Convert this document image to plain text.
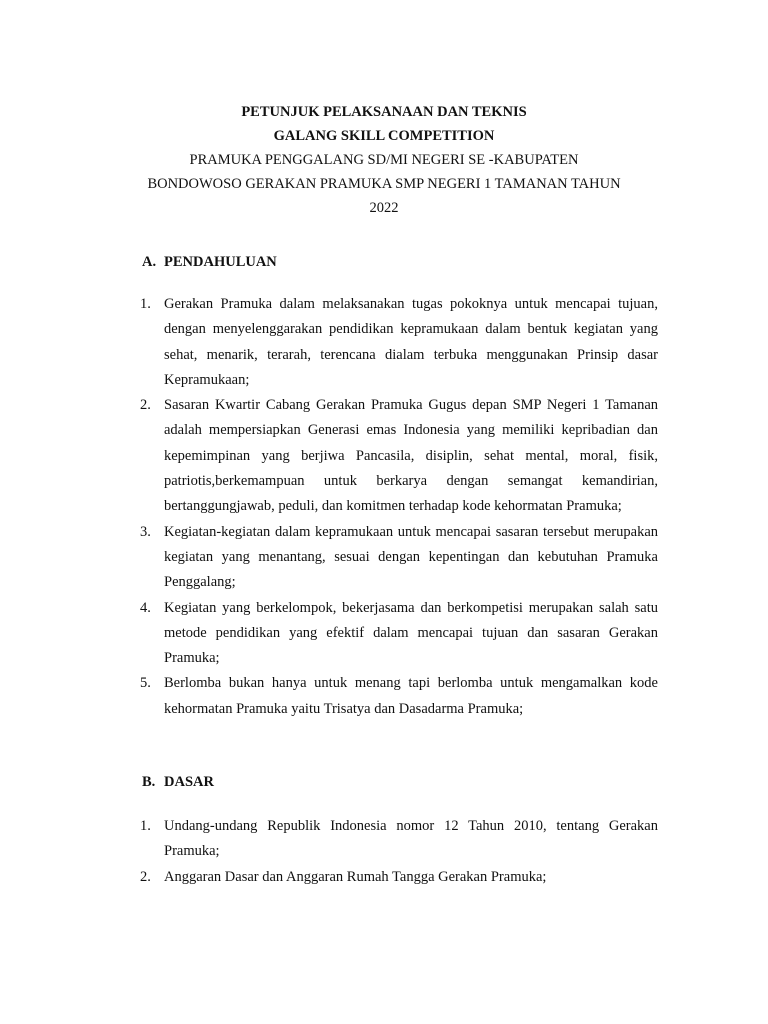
PETUNJUK PELAKSANAAN DAN TEKNIS
GALANG SKILL COMPETITION
PRAMUKA PENGGALANG SD/MI NEGERI SE -KABUPATEN
BONDOWOSO GERAKAN PRAMUKA SMP NEGERI 1 TAMANAN TAHUN
2022
A. PENDAHULUAN
1. Gerakan Pramuka dalam melaksanakan tugas pokoknya untuk mencapai tujuan, dengan menyelenggarakan pendidikan kepramukaan dalam bentuk kegiatan yang sehat, menarik, terarah, terencana dialam terbuka menggunakan Prinsip dasar Kepramukaan;
2. Sasaran Kwartir Cabang Gerakan Pramuka Gugus depan SMP Negeri 1 Tamanan adalah mempersiapkan Generasi emas Indonesia yang memiliki kepribadian dan kepemimpinan yang berjiwa Pancasila, disiplin, sehat mental, moral, fisik, patriotis,berkemampuan untuk berkarya dengan semangat kemandirian, bertanggungjawab, peduli, dan komitmen terhadap kode kehormatan Pramuka;
3. Kegiatan-kegiatan dalam kepramukaan untuk mencapai sasaran tersebut merupakan kegiatan yang menantang, sesuai dengan kepentingan dan kebutuhan Pramuka Penggalang;
4. Kegiatan yang berkelompok, bekerjasama dan berkompetisi merupakan salah satu metode pendidikan yang efektif dalam mencapai tujuan dan sasaran Gerakan Pramuka;
5. Berlomba bukan hanya untuk menang tapi berlomba untuk mengamalkan kode kehormatan Pramuka yaitu Trisatya dan Dasadarma Pramuka;
B. DASAR
1. Undang-undang Republik Indonesia nomor 12 Tahun 2010, tentang Gerakan Pramuka;
2. Anggaran Dasar dan Anggaran Rumah Tangga Gerakan Pramuka;
